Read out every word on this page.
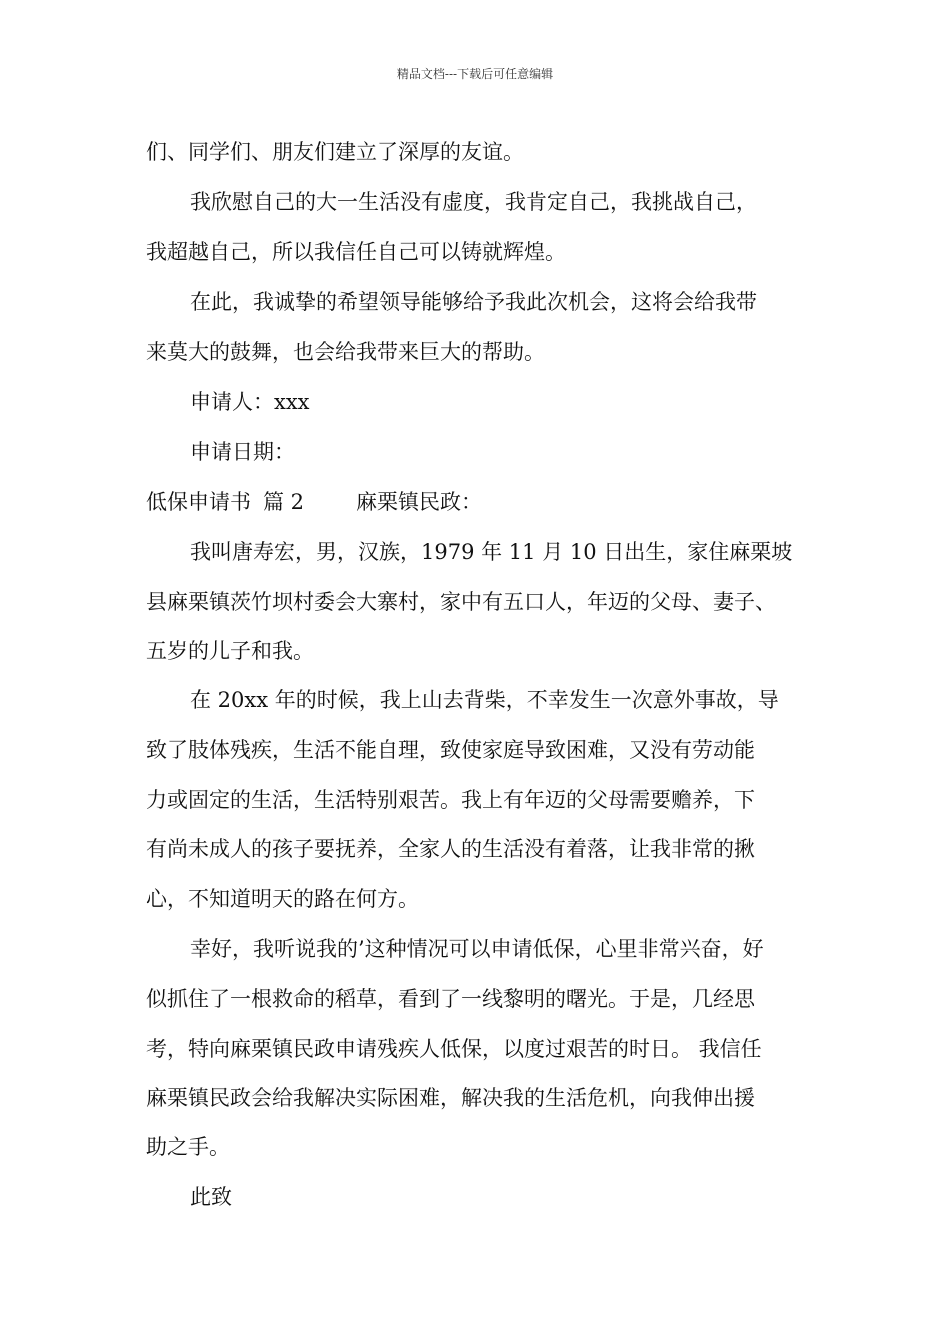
精品文档---下载后可任意编辑
们、同学们、朋友们建立了深厚的友谊。
我欣慰自己的大一生活没有虚度，我肯定自己，我挑战自己，
我超越自己，所以我信任自己可以铸就辉煌。
在此，我诚挚的希望领导能够给予我此次机会，这将会给我带
来莫大的鼓舞，也会给我带来巨大的帮助。
申请人：xxx
申请日期：
低保申请书 篇 2 麻栗镇民政：
我叫唐寿宏，男，汉族，1979 年 11 月 10 日出生，家住麻栗坡
县麻栗镇茨竹坝村委会大寨村，家中有五口人，年迈的父母、妻子、
五岁的儿子和我。
在 20xx 年的时候，我上山去背柴，不幸发生一次意外事故，导
致了肢体残疾，生活不能自理，致使家庭导致困难，又没有劳动能
力或固定的生活，生活特别艰苦。我上有年迈的父母需要赡养，下
有尚未成人的孩子要抚养，全家人的生活没有着落，让我非常的揪
心，不知道明天的路在何方。
幸好，我听说我的’这种情况可以申请低保，心里非常兴奋，好
似抓住了一根救命的稻草，看到了一线黎明的曙光。于是，几经思
考，特向麻栗镇民政申请残疾人低保，以度过艰苦的时日。 我信任
麻栗镇民政会给我解决实际困难，解决我的生活危机，向我伸出援
助之手。
此致
